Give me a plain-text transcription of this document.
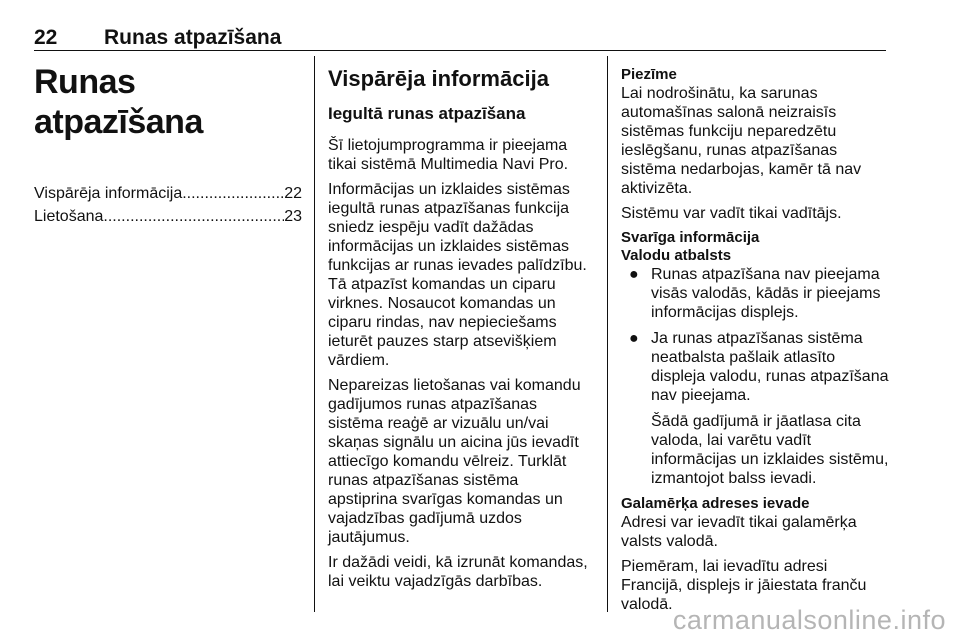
22 Runas atpazīšana
Runas atpazīšana
Vispārēja informācija .....	22
Lietošana .....	23
Vispārēja informācija
Iegultā runas atpazīšana

Šī lietojumprogramma ir pieejama tikai sistēmā Multimedia Navi Pro.

Informācijas un izklaides sistēmas iegultā runas atpazīšanas funkcija sniedz iespēju vadīt dažādas informācijas un izklaides sistēmas funkcijas ar runas ievades palīdzību. Tā atpazīst komandas un ciparu virknes. Nosaucot komandas un ciparu rindas, nav nepieciešams ieturēt pauzes starp atsevišķiem vārdiem.

Nepareizas lietošanas vai komandu gadījumos runas atpazīšanas sistēma reaģē ar vizuālu un/vai skaņas signālu un aicina jūs ievadīt attiecīgo komandu vēlreiz. Turklāt runas atpazīšanas sistēma apstiprina svarīgas komandas un vajadzības gadījumā uzdos jautājumus.

Ir dažādi veidi, kā izrunāt komandas, lai veiktu vajadzīgās darbības.

Piezīme

Lai nodrošinātu, ka sarunas automašīnas salonā neizraisīs sistēmas funkciju neparedzētu ieslēgšanu, runas atpazīšanas sistēma nedarbojas, kamēr tā nav aktivizēta.

Sistēmu var vadīt tikai vadītājs.

Svarīga informācija
Valodu atbalsts
● Runas atpazīšana nav pieejama visās valodās, kādās ir pieejams informācijas displejs.
● Ja runas atpazīšanas sistēma neatbalsta pašlaik atlasīto displeja valodu, runas atpazīšana nav pieejama.

Šādā gadījumā ir jāatlasa cita valoda, lai varētu vadīt informācijas un izklaides sistēmu, izmantojot balss ievadi.

Galamērķa adreses ievade

Adresi var ievadīt tikai galamērķa valsts valodā.

Piemēram, lai ievadītu adresi Francijā, displejs ir jāiestata franču valodā.

carmanualsonline.info
